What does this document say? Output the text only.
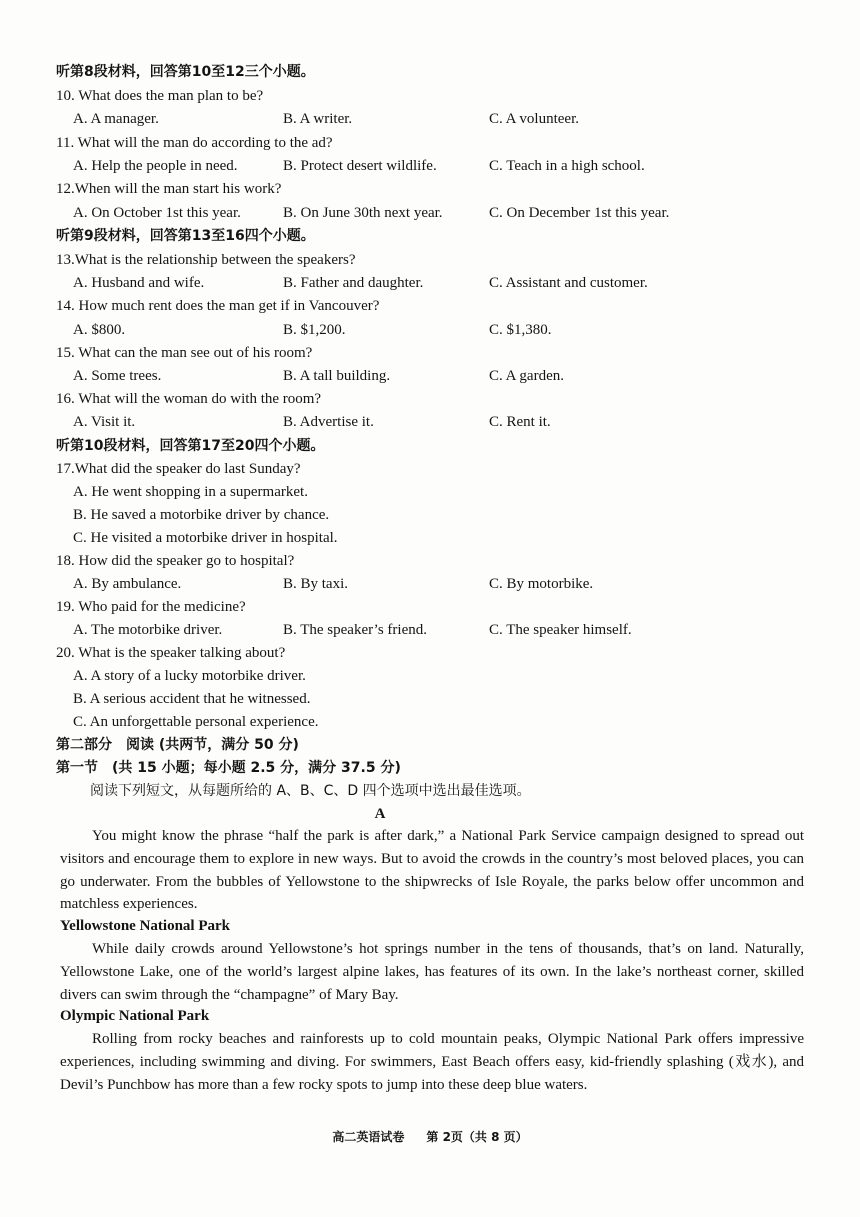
听第8段材料，回答第10至12三个小题。
10. What does the man plan to be?
A. A manager.	B. A writer.	C. A volunteer.
11. What will the man do according to the ad?
A. Help the people in need.	B. Protect desert wildlife.	C. Teach in a high school.
12.When will the man start his work?
A. On October 1st this year.	B. On June 30th next year.	C. On December 1st this year.
听第9段材料，回答第13至16四个小题。
13.What is the relationship between the speakers?
A. Husband and wife.	B. Father and daughter.	C. Assistant and customer.
14. How much rent does the man get if in Vancouver?
A. $800.	B. $1,200.	C. $1,380.
15. What can the man see out of his room?
A. Some trees.	B. A tall building.	C. A garden.
16. What will the woman do with the room?
A. Visit it.	B. Advertise it.	C. Rent it.
听第10段材料，回答第17至20四个小题。
17.What did the speaker do last Sunday?
A. He went shopping in a supermarket.
B. He saved a motorbike driver by chance.
C. He visited a motorbike driver in hospital.
18. How did the speaker go to hospital?
A. By ambulance.	B. By taxi.	C. By motorbike.
19. Who paid for the medicine?
A. The motorbike driver.	B. The speaker’s friend.	C. The speaker himself.
20. What is the speaker talking about?
A. A story of a lucky motorbike driver.
B. A serious accident that he witnessed.
C. An unforgettable personal experience.
第二部分　阅读 (共两节，满分 50 分)
第一节　(共 15 小题；每小题 2.5 分，满分 37.5 分)
阅读下列短文，从每题所给的 A、B、C、D 四个选项中选出最佳选项。
A
You might know the phrase “half the park is after dark,” a National Park Service campaign designed to spread out visitors and encourage them to explore in new ways. But to avoid the crowds in the country’s most beloved places, you can go underwater. From the bubbles of Yellowstone to the shipwrecks of Isle Royale, the parks below offer uncommon and matchless experiences.
Yellowstone National Park
While daily crowds around Yellowstone’s hot springs number in the tens of thousands, that’s on land. Naturally, Yellowstone Lake, one of the world’s largest alpine lakes, has features of its own. In the lake’s northeast corner, skilled divers can swim through the “champagne” of Mary Bay.
Olympic National Park
Rolling from rocky beaches and rainforests up to cold mountain peaks, Olympic National Park offers impressive experiences, including swimming and diving. For swimmers, East Beach offers easy, kid-friendly splashing (戏水), and Devil’s Punchbow has more than a few rocky spots to jump into these deep blue waters.
高二英语试卷 第 2页（共 8 页）
